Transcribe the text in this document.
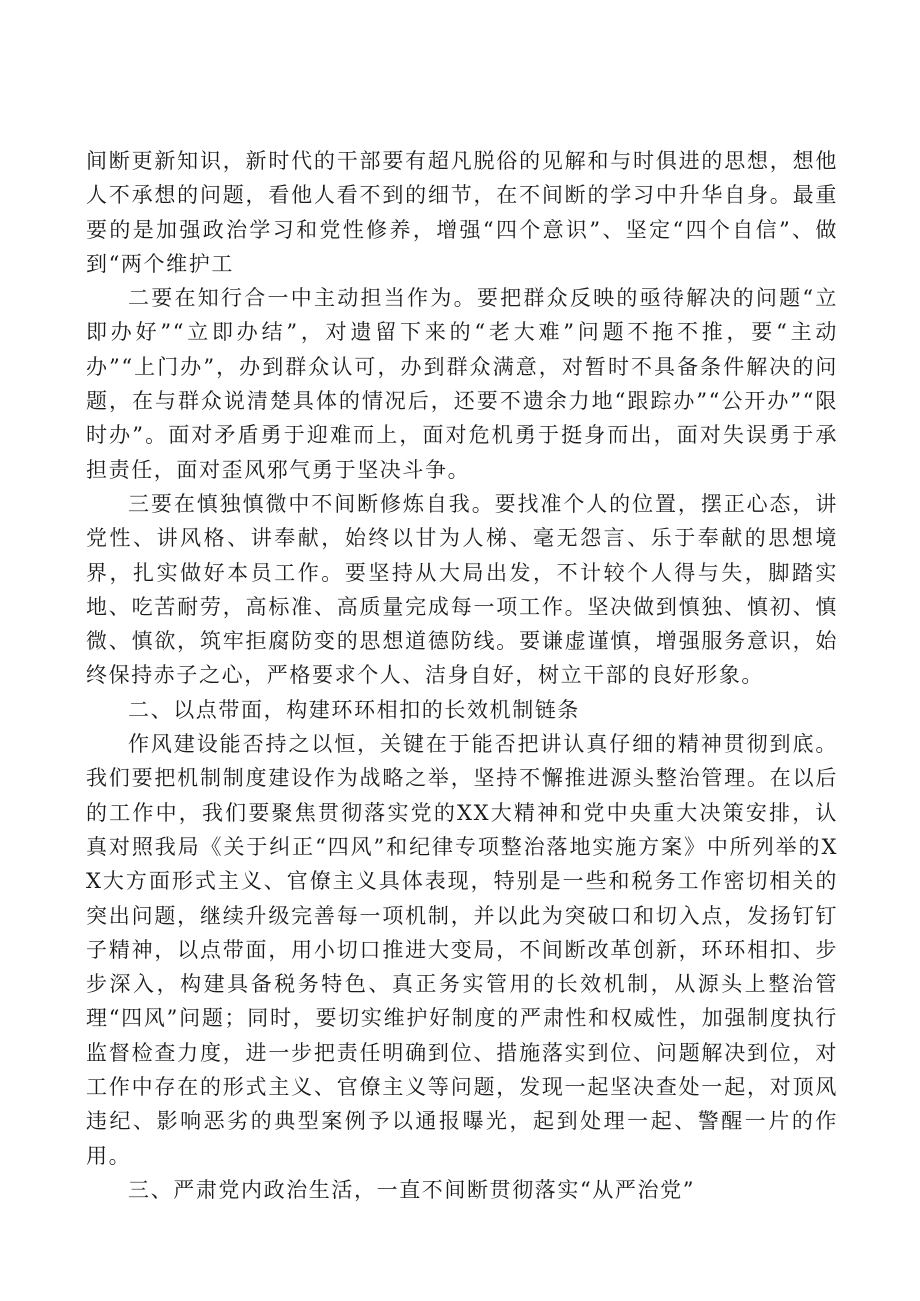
间断更新知识，新时代的干部要有超凡脱俗的见解和与时俱进的思想，想他人不承想的问题，看他人看不到的细节，在不间断的学习中升华自身。最重要的是加强政治学习和党性修养，增强“四个意识”、坚定“四个自信”、做到“两个维护工

二要在知行合一中主动担当作为。要把群众反映的亟待解决的问题“立即办好”“立即办结”，对遗留下来的“老大难”问题不拖不推，要“主动办”“上门办”，办到群众认可，办到群众满意，对暂时不具备条件解决的问题，在与群众说清楚具体的情况后，还要不遗余力地“跟踪办”“公开办”“限时办”。面对矛盾勇于迎难而上，面对危机勇于挺身而出，面对失误勇于承担责任，面对歪风邪气勇于坚决斗争。

三要在慎独慎微中不间断修炼自我。要找准个人的位置，摆正心态，讲党性、讲风格、讲奉献，始终以甘为人梯、毫无怨言、乐于奉献的思想境界，扎实做好本员工作。要坚持从大局出发，不计较个人得与失，脚踏实地、吃苦耐劳，高标准、高质量完成每一项工作。坚决做到慎独、慎初、慎微、慎欲，筑牢拒腐防变的思想道德防线。要谦虚谨慎，增强服务意识，始终保持赤子之心，严格要求个人、洁身自好，树立干部的良好形象。

二、以点带面，构建环环相扣的长效机制链条

作风建设能否持之以恒，关键在于能否把讲认真仔细的精神贯彻到底。我们要把机制制度建设作为战略之举，坚持不懈推进源头整治管理。在以后的工作中，我们要聚焦贯彻落实党的XX大精神和党中央重大决策安排，认真对照我局《关于纠正“四风”和纪律专项整治落地实施方案》中所列举的XX大方面形式主义、官僚主义具体表现，特别是一些和税务工作密切相关的突出问题，继续升级完善每一项机制，并以此为突破口和切入点，发扬钉钉子精神，以点带面，用小切口推进大变局，不间断改革创新，环环相扣、步步深入，构建具备税务特色、真正务实管用的长效机制，从源头上整治管理“四风”问题；同时，要切实维护好制度的严肃性和权威性，加强制度执行监督检查力度，进一步把责任明确到位、措施落实到位、问题解决到位，对工作中存在的形式主义、官僚主义等问题，发现一起坚决查处一起，对顶风违纪、影响恶劣的典型案例予以通报曝光，起到处理一起、警醒一片的作用。

三、严肃党内政治生活，一直不间断贯彻落实“从严治党”
